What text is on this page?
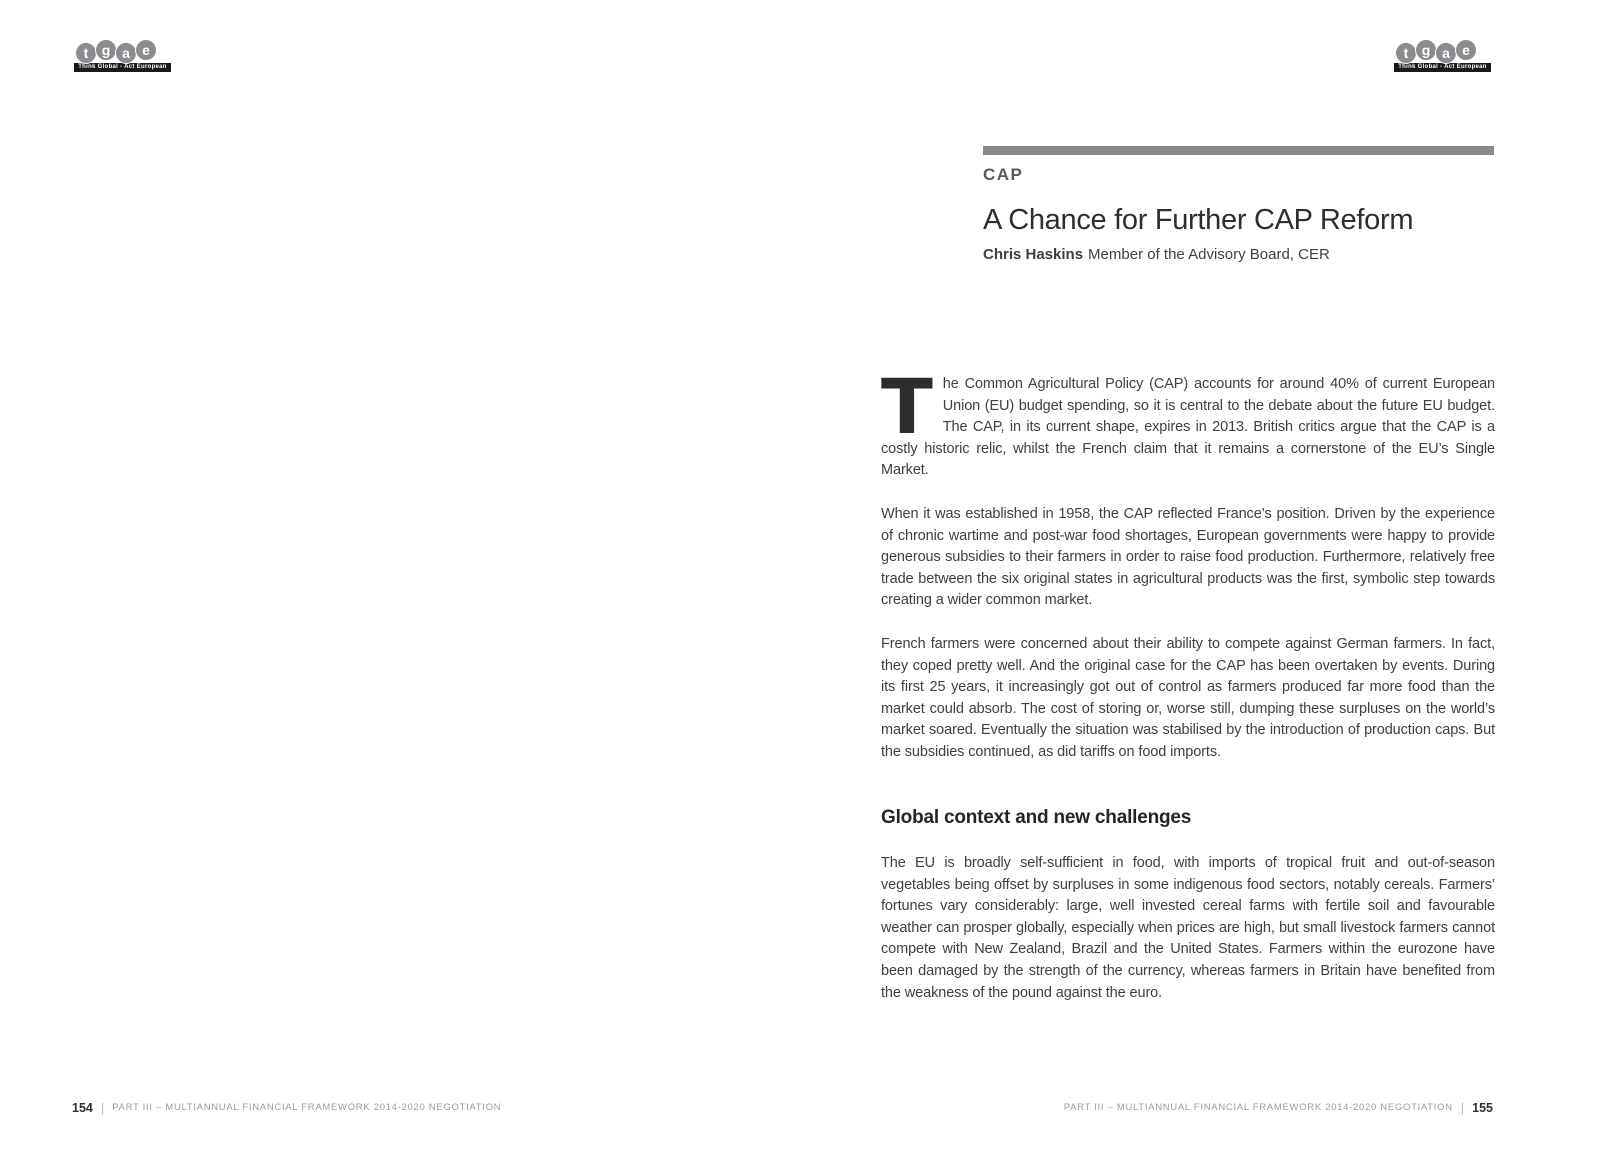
t g a e
Think Global - Act European
t g a e
Think Global - Act European
CAP
A Chance for Further CAP Reform
Chris Haskins Member of the Advisory Board, CER

The Common Agricultural Policy (CAP) accounts for around 40% of current European Union (EU) budget spending, so it is central to the debate about the future EU budget. The CAP, in its current shape, expires in 2013. British critics argue that the CAP is a costly historic relic, whilst the French claim that it remains a cornerstone of the EU’s Single Market.

When it was established in 1958, the CAP reflected France’s position. Driven by the experience of chronic wartime and post-war food shortages, European governments were happy to provide generous subsidies to their farmers in order to raise food production. Furthermore, relatively free trade between the six original states in agricultural products was the first, symbolic step towards creating a wider common market.

French farmers were concerned about their ability to compete against German farmers. In fact, they coped pretty well. And the original case for the CAP has been overtaken by events. During its first 25 years, it increasingly got out of control as farmers produced far more food than the market could absorb. The cost of storing or, worse still, dumping these surpluses on the world’s market soared. Eventually the situation was stabilised by the introduction of production caps. But the subsidies continued, as did tariffs on food imports.

Global context and new challenges

The EU is broadly self-sufficient in food, with imports of tropical fruit and out-of-season vegetables being offset by surpluses in some indigenous food sectors, notably cereals. Farmers’ fortunes vary considerably: large, well invested cereal farms with fertile soil and favourable weather can prosper globally, especially when prices are high, but small livestock farmers cannot compete with New Zealand, Brazil and the United States. Farmers within the eurozone have been damaged by the strength of the currency, whereas farmers in Britain have benefited from the weakness of the pound against the euro.

154 | PART III – MULTIANNUAL FINANCIAL FRAMEWORK 2014-2020 NEGOTIATION	PART III – MULTIANNUAL FINANCIAL FRAMEWORK 2014-2020 NEGOTIATION | 155
